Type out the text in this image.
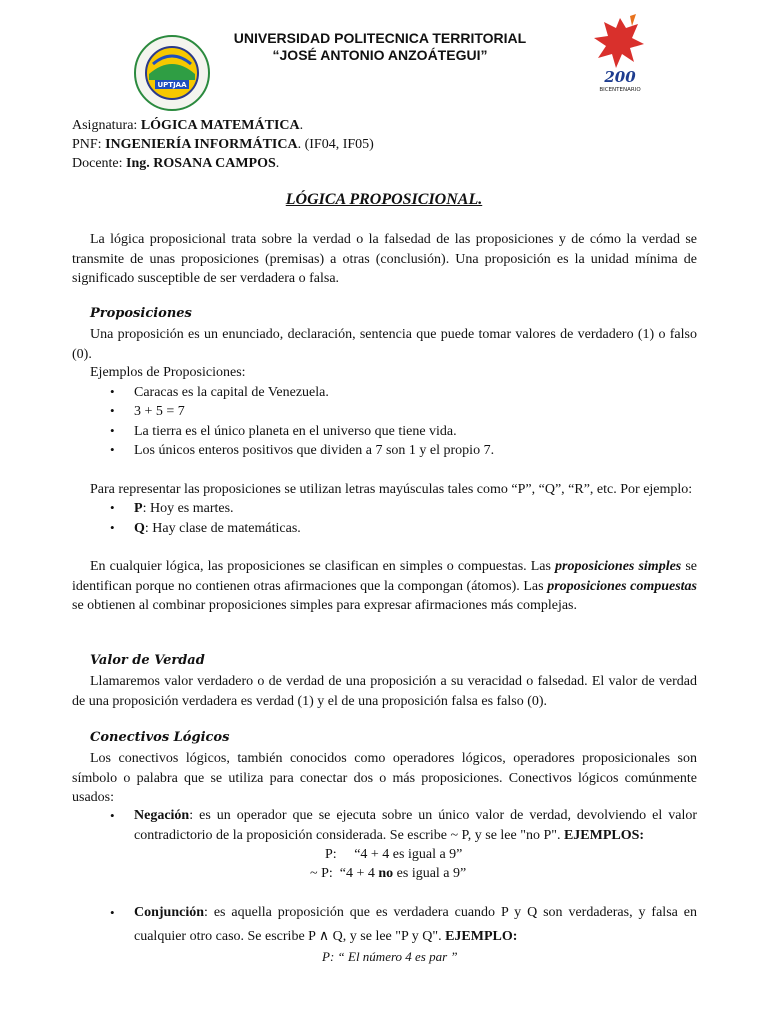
UPTJAA
UNIVERSIDAD POLITECNICA TERRITORIAL
“JOSÉ ANTONIO ANZOÁTEGUI”
200
BICENTENARIO
Asignatura: LÓGICA MATEMÁTICA.
PNF: INGENIERÍA INFORMÁTICA. (IF04, IF05)
Docente: Ing. ROSANA CAMPOS.
LÓGICA PROPOSICIONAL.
La lógica proposicional trata sobre la verdad o la falsedad de las proposiciones y de cómo la verdad se transmite de unas proposiciones (premisas) a otras (conclusión). Una proposición es la unidad mínima de significado susceptible de ser verdadera o falsa.
Proposiciones
Una proposición es un enunciado, declaración, sentencia que puede tomar valores de verdadero (1) o falso (0).
Ejemplos de Proposiciones:
• Caracas es la capital de Venezuela.
• 3 + 5 = 7
• La tierra es el único planeta en el universo que tiene vida.
• Los únicos enteros positivos que dividen a 7 son 1 y el propio 7.
Para representar las proposiciones se utilizan letras mayúsculas tales como “P”, “Q”, “R”, etc. Por ejemplo:
• P: Hoy es martes.
• Q: Hay clase de matemáticas.
En cualquier lógica, las proposiciones se clasifican en simples o compuestas. Las proposiciones simples se identifican porque no contienen otras afirmaciones que la compongan (átomos). Las proposiciones compuestas se obtienen al combinar proposiciones simples para expresar afirmaciones más complejas.
Valor de Verdad
Llamaremos valor verdadero o de verdad de una proposición a su veracidad o falsedad. El valor de verdad de una proposición verdadera es verdad (1) y el de una proposición falsa es falso (0).
Conectivos Lógicos
Los conectivos lógicos, también conocidos como operadores lógicos, operadores proposicionales son símbolo o palabra que se utiliza para conectar dos o más proposiciones. Conectivos lógicos comúnmente usados:
• Negación: es un operador que se ejecuta sobre un único valor de verdad, devolviendo el valor contradictorio de la proposición considerada. Se escribe ~ P, y se lee "no P". EJEMPLOS:
P: “4 + 4 es igual a 9”
~ P: “4 + 4 no es igual a 9”
• Conjunción: es aquella proposición que es verdadera cuando P y Q son verdaderas, y falsa en
cualquier otro caso. Se escribe P ∧ Q, y se lee "P y Q". EJEMPLO:
P: “ El número 4 es par ”
